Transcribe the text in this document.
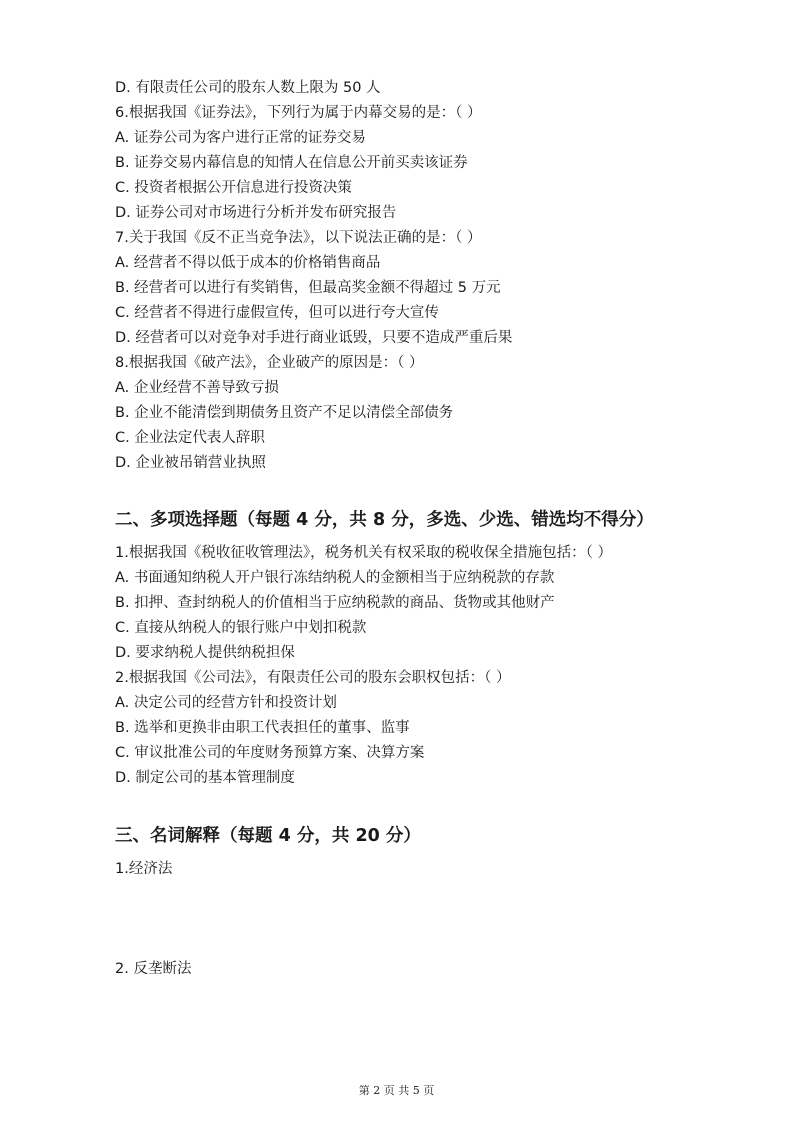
D. 有限责任公司的股东人数上限为 50 人
6.根据我国《证券法》，下列行为属于内幕交易的是：（ ）
A. 证券公司为客户进行正常的证券交易
B. 证券交易内幕信息的知情人在信息公开前买卖该证券
C. 投资者根据公开信息进行投资决策
D. 证券公司对市场进行分析并发布研究报告
7.关于我国《反不正当竞争法》，以下说法正确的是：（ ）
A. 经营者不得以低于成本的价格销售商品
B. 经营者可以进行有奖销售，但最高奖金额不得超过 5 万元
C. 经营者不得进行虚假宣传，但可以进行夸大宣传
D. 经营者可以对竞争对手进行商业诋毁，只要不造成严重后果
8.根据我国《破产法》，企业破产的原因是：（ ）
A. 企业经营不善导致亏损
B. 企业不能清偿到期债务且资产不足以清偿全部债务
C. 企业法定代表人辞职
D. 企业被吊销营业执照
二、多项选择题（每题 4 分，共 8 分，多选、少选、错选均不得分）
1.根据我国《税收征收管理法》，税务机关有权采取的税收保全措施包括：（ ）
A. 书面通知纳税人开户银行冻结纳税人的金额相当于应纳税款的存款
B. 扣押、查封纳税人的价值相当于应纳税款的商品、货物或其他财产
C. 直接从纳税人的银行账户中划扣税款
D. 要求纳税人提供纳税担保
2.根据我国《公司法》，有限责任公司的股东会职权包括：（ ）
A. 决定公司的经营方针和投资计划
B. 选举和更换非由职工代表担任的董事、监事
C. 审议批准公司的年度财务预算方案、决算方案
D. 制定公司的基本管理制度
三、名词解释（每题 4 分，共 20 分）
1.经济法
2. 反垄断法
第 2 页 共 5 页
